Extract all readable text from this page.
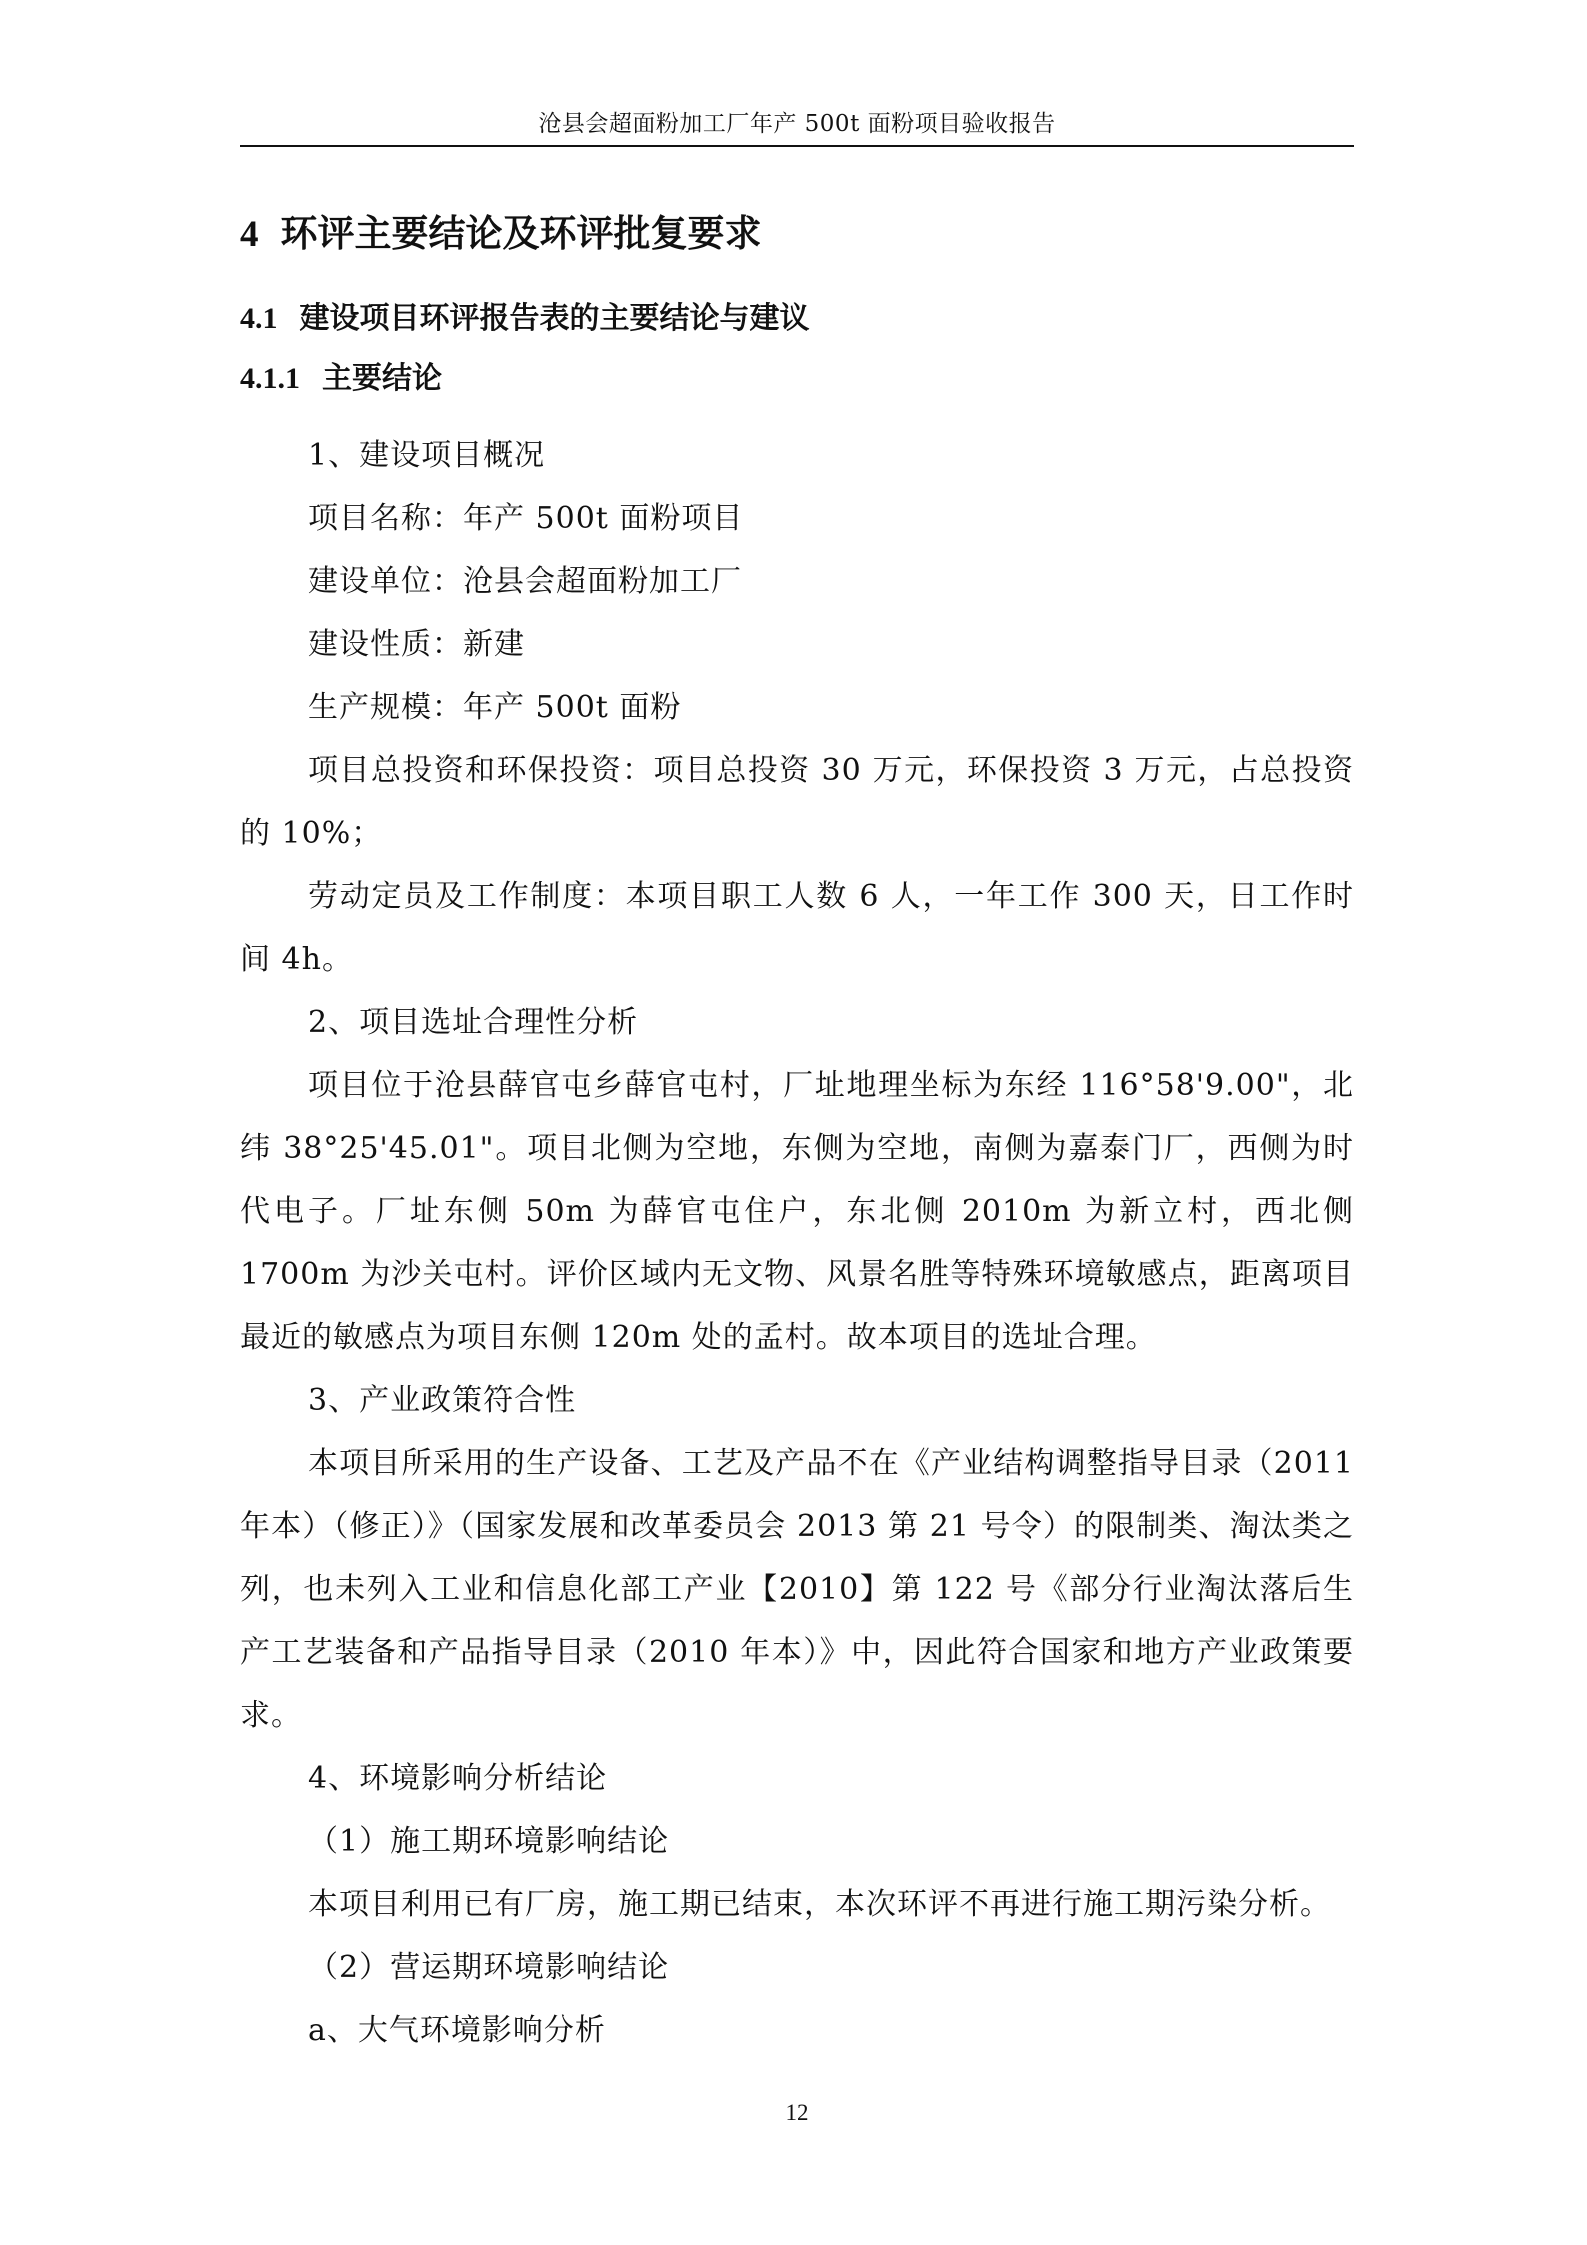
沧县会超面粉加工厂年产 500t 面粉项目验收报告
4 环评主要结论及环评批复要求
4.1 建设项目环评报告表的主要结论与建议
4.1.1 主要结论

1、建设项目概况

项目名称：年产 500t 面粉项目

建设单位：沧县会超面粉加工厂

建设性质：新建

生产规模：年产 500t 面粉

项目总投资和环保投资：项目总投资 30 万元，环保投资 3 万元，占总投资的 10%；

劳动定员及工作制度：本项目职工人数 6 人，一年工作 300 天，日工作时间 4h。

2、项目选址合理性分析

项目位于沧县薛官屯乡薛官屯村，厂址地理坐标为东经 116°58'9.00"，北纬 38°25'45.01"。项目北侧为空地，东侧为空地，南侧为嘉泰门厂，西侧为时代电子。厂址东侧 50m 为薛官屯住户，东北侧 2010m 为新立村，西北侧 1700m 为沙关屯村。评价区域内无文物、风景名胜等特殊环境敏感点，距离项目最近的敏感点为项目东侧 120m 处的孟村。故本项目的选址合理。

3、产业政策符合性

本项目所采用的生产设备、工艺及产品不在《产业结构调整指导目录（2011 年本）（修正）》（国家发展和改革委员会 2013 第 21 号令）的限制类、淘汰类之列，也未列入工业和信息化部工产业【2010】第 122 号《部分行业淘汰落后生产工艺装备和产品指导目录（2010 年本）》中，因此符合国家和地方产业政策要求。

4、环境影响分析结论

（1）施工期环境影响结论

本项目利用已有厂房，施工期已结束，本次环评不再进行施工期污染分析。

（2）营运期环境影响结论

a、大气环境影响分析

12
